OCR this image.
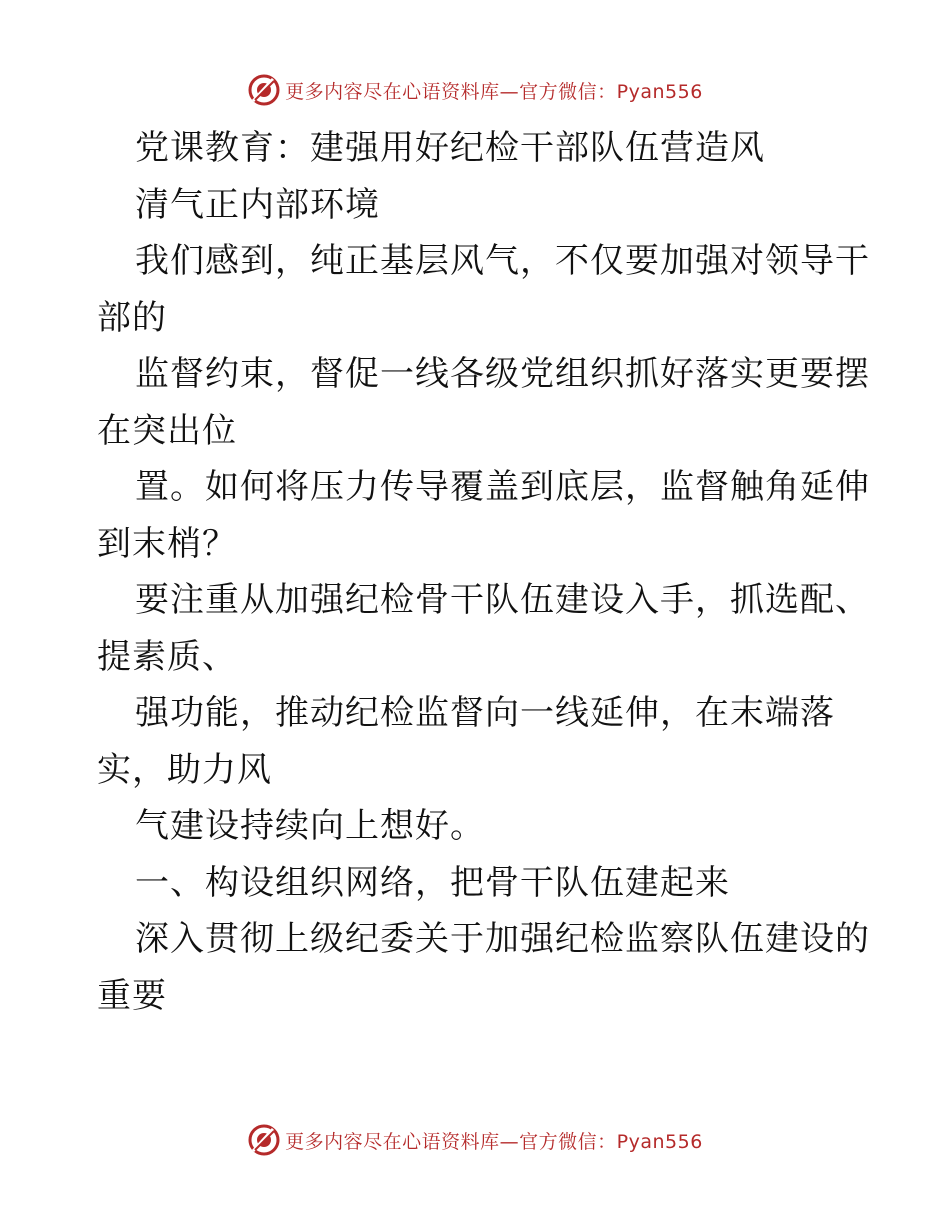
更多内容尽在心语资料库—官方微信：Pyan556
党课教育：建强用好纪检干部队伍营造风
清气正内部环境
我们感到，纯正基层风气，不仅要加强对领导干
部的
监督约束，督促一线各级党组织抓好落实更要摆
在突出位
置。如何将压力传导覆盖到底层，监督触角延伸
到末梢？
要注重从加强纪检骨干队伍建设入手，抓选配、
提素质、
强功能，推动纪检监督向一线延伸，在末端落
实，助力风
气建设持续向上想好。
一、构设组织网络，把骨干队伍建起来
深入贯彻上级纪委关于加强纪检监察队伍建设的
重要
更多内容尽在心语资料库—官方微信：Pyan556
